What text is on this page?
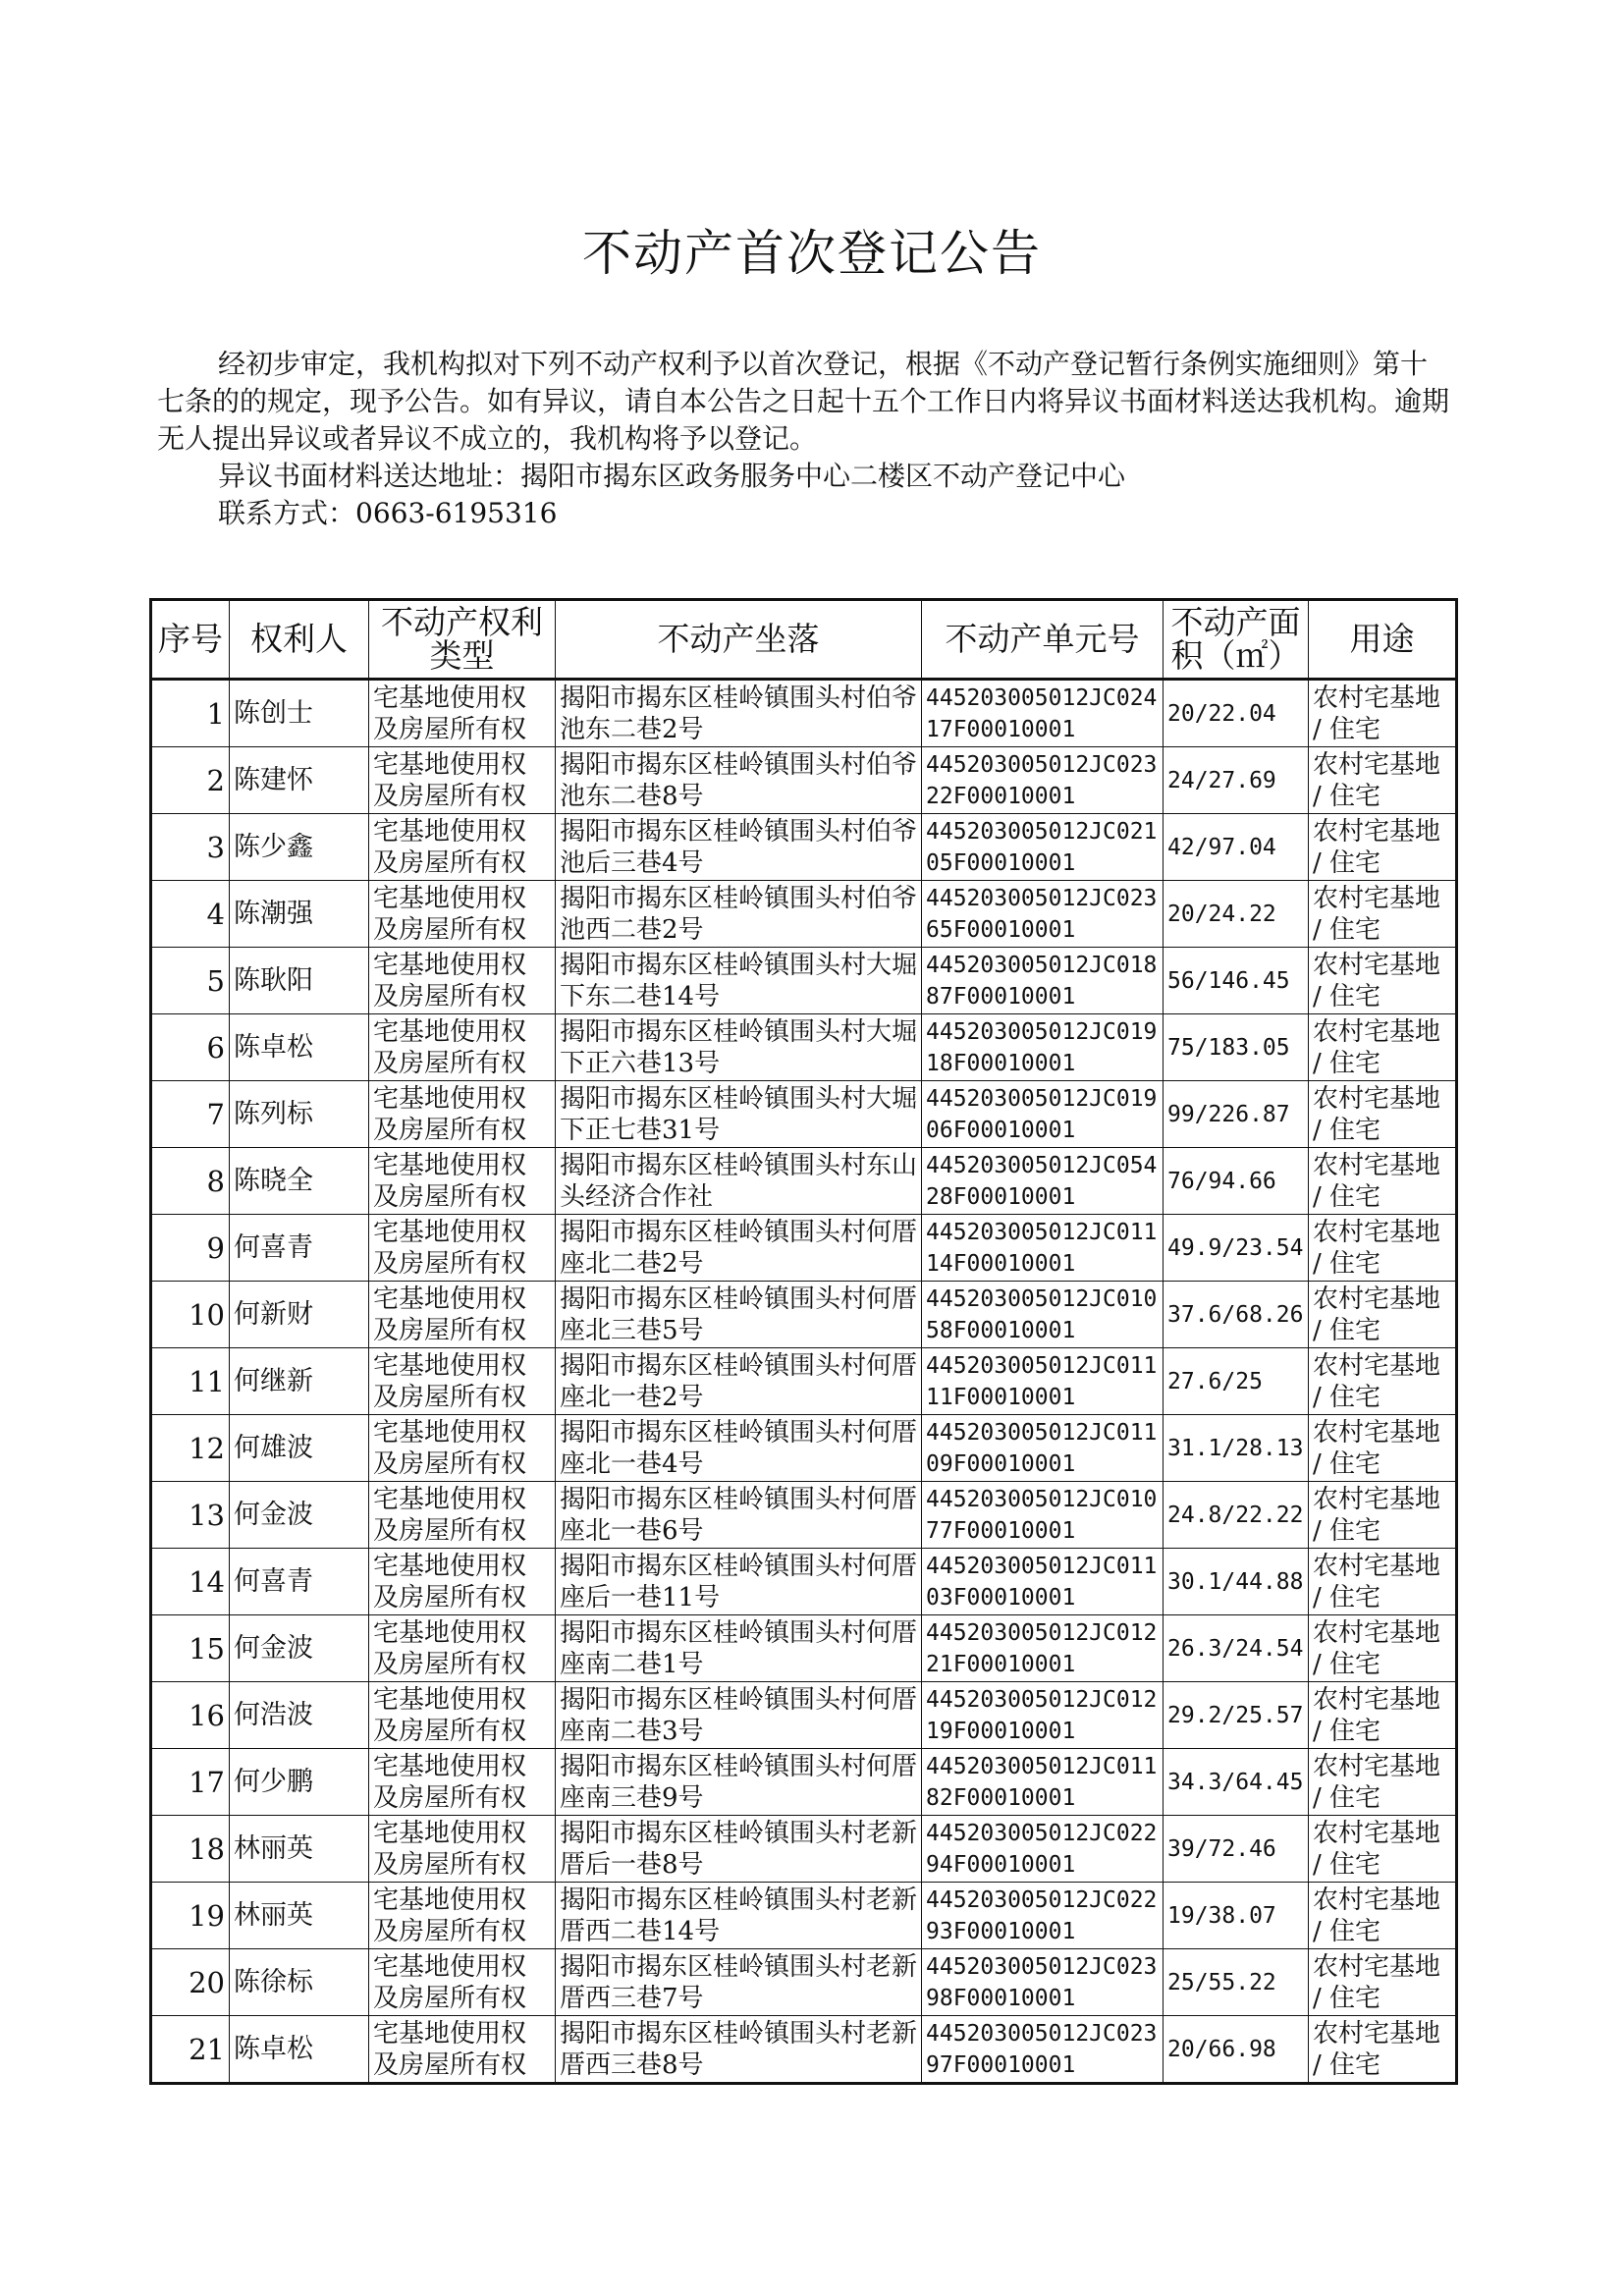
不动产首次登记公告

经初步审定，我机构拟对下列不动产权利予以首次登记，根据《不动产登记暂行条例实施细则》第十七条的的规定，现予公告。如有异议，请自本公告之日起十五个工作日内将异议书面材料送达我机构。逾期无人提出异议或者异议不成立的，我机构将予以登记。

异议书面材料送达地址：揭阳市揭东区政务服务中心二楼区不动产登记中心

联系方式：0663-6195316

序号	权利人	不动产权利类型	不动产坐落	不动产单元号	不动产面积（㎡）	用途
1	陈创士	宅基地使用权及房屋所有权	揭阳市揭东区桂岭镇围头村伯爷池东二巷2号	445203005012JC02417F00010001	20/22.04	农村宅基地 / 住宅
2	陈建怀	宅基地使用权及房屋所有权	揭阳市揭东区桂岭镇围头村伯爷池东二巷8号	445203005012JC02322F00010001	24/27.69	农村宅基地 / 住宅
3	陈少鑫	宅基地使用权及房屋所有权	揭阳市揭东区桂岭镇围头村伯爷池后三巷4号	445203005012JC02105F00010001	42/97.04	农村宅基地 / 住宅
4	陈潮强	宅基地使用权及房屋所有权	揭阳市揭东区桂岭镇围头村伯爷池西二巷2号	445203005012JC02365F00010001	20/24.22	农村宅基地 / 住宅
5	陈耿阳	宅基地使用权及房屋所有权	揭阳市揭东区桂岭镇围头村大堀下东二巷14号	445203005012JC01887F00010001	56/146.45	农村宅基地 / 住宅
6	陈卓松	宅基地使用权及房屋所有权	揭阳市揭东区桂岭镇围头村大堀下正六巷13号	445203005012JC01918F00010001	75/183.05	农村宅基地 / 住宅
7	陈列标	宅基地使用权及房屋所有权	揭阳市揭东区桂岭镇围头村大堀下正七巷31号	445203005012JC01906F00010001	99/226.87	农村宅基地 / 住宅
8	陈晓全	宅基地使用权及房屋所有权	揭阳市揭东区桂岭镇围头村东山头经济合作社	445203005012JC05428F00010001	76/94.66	农村宅基地 / 住宅
9	何喜青	宅基地使用权及房屋所有权	揭阳市揭东区桂岭镇围头村何厝座北二巷2号	445203005012JC01114F00010001	49.9/23.54	农村宅基地 / 住宅
10	何新财	宅基地使用权及房屋所有权	揭阳市揭东区桂岭镇围头村何厝座北三巷5号	445203005012JC01058F00010001	37.6/68.26	农村宅基地 / 住宅
11	何继新	宅基地使用权及房屋所有权	揭阳市揭东区桂岭镇围头村何厝座北一巷2号	445203005012JC01111F00010001	27.6/25	农村宅基地 / 住宅
12	何雄波	宅基地使用权及房屋所有权	揭阳市揭东区桂岭镇围头村何厝座北一巷4号	445203005012JC01109F00010001	31.1/28.13	农村宅基地 / 住宅
13	何金波	宅基地使用权及房屋所有权	揭阳市揭东区桂岭镇围头村何厝座北一巷6号	445203005012JC01077F00010001	24.8/22.22	农村宅基地 / 住宅
14	何喜青	宅基地使用权及房屋所有权	揭阳市揭东区桂岭镇围头村何厝座后一巷11号	445203005012JC01103F00010001	30.1/44.88	农村宅基地 / 住宅
15	何金波	宅基地使用权及房屋所有权	揭阳市揭东区桂岭镇围头村何厝座南二巷1号	445203005012JC01221F00010001	26.3/24.54	农村宅基地 / 住宅
16	何浩波	宅基地使用权及房屋所有权	揭阳市揭东区桂岭镇围头村何厝座南二巷3号	445203005012JC01219F00010001	29.2/25.57	农村宅基地 / 住宅
17	何少鹏	宅基地使用权及房屋所有权	揭阳市揭东区桂岭镇围头村何厝座南三巷9号	445203005012JC01182F00010001	34.3/64.45	农村宅基地 / 住宅
18	林丽英	宅基地使用权及房屋所有权	揭阳市揭东区桂岭镇围头村老新厝后一巷8号	445203005012JC02294F00010001	39/72.46	农村宅基地 / 住宅
19	林丽英	宅基地使用权及房屋所有权	揭阳市揭东区桂岭镇围头村老新厝西二巷14号	445203005012JC02293F00010001	19/38.07	农村宅基地 / 住宅
20	陈徐标	宅基地使用权及房屋所有权	揭阳市揭东区桂岭镇围头村老新厝西三巷7号	445203005012JC02398F00010001	25/55.22	农村宅基地 / 住宅
21	陈卓松	宅基地使用权及房屋所有权	揭阳市揭东区桂岭镇围头村老新厝西三巷8号	445203005012JC02397F00010001	20/66.98	农村宅基地 / 住宅
